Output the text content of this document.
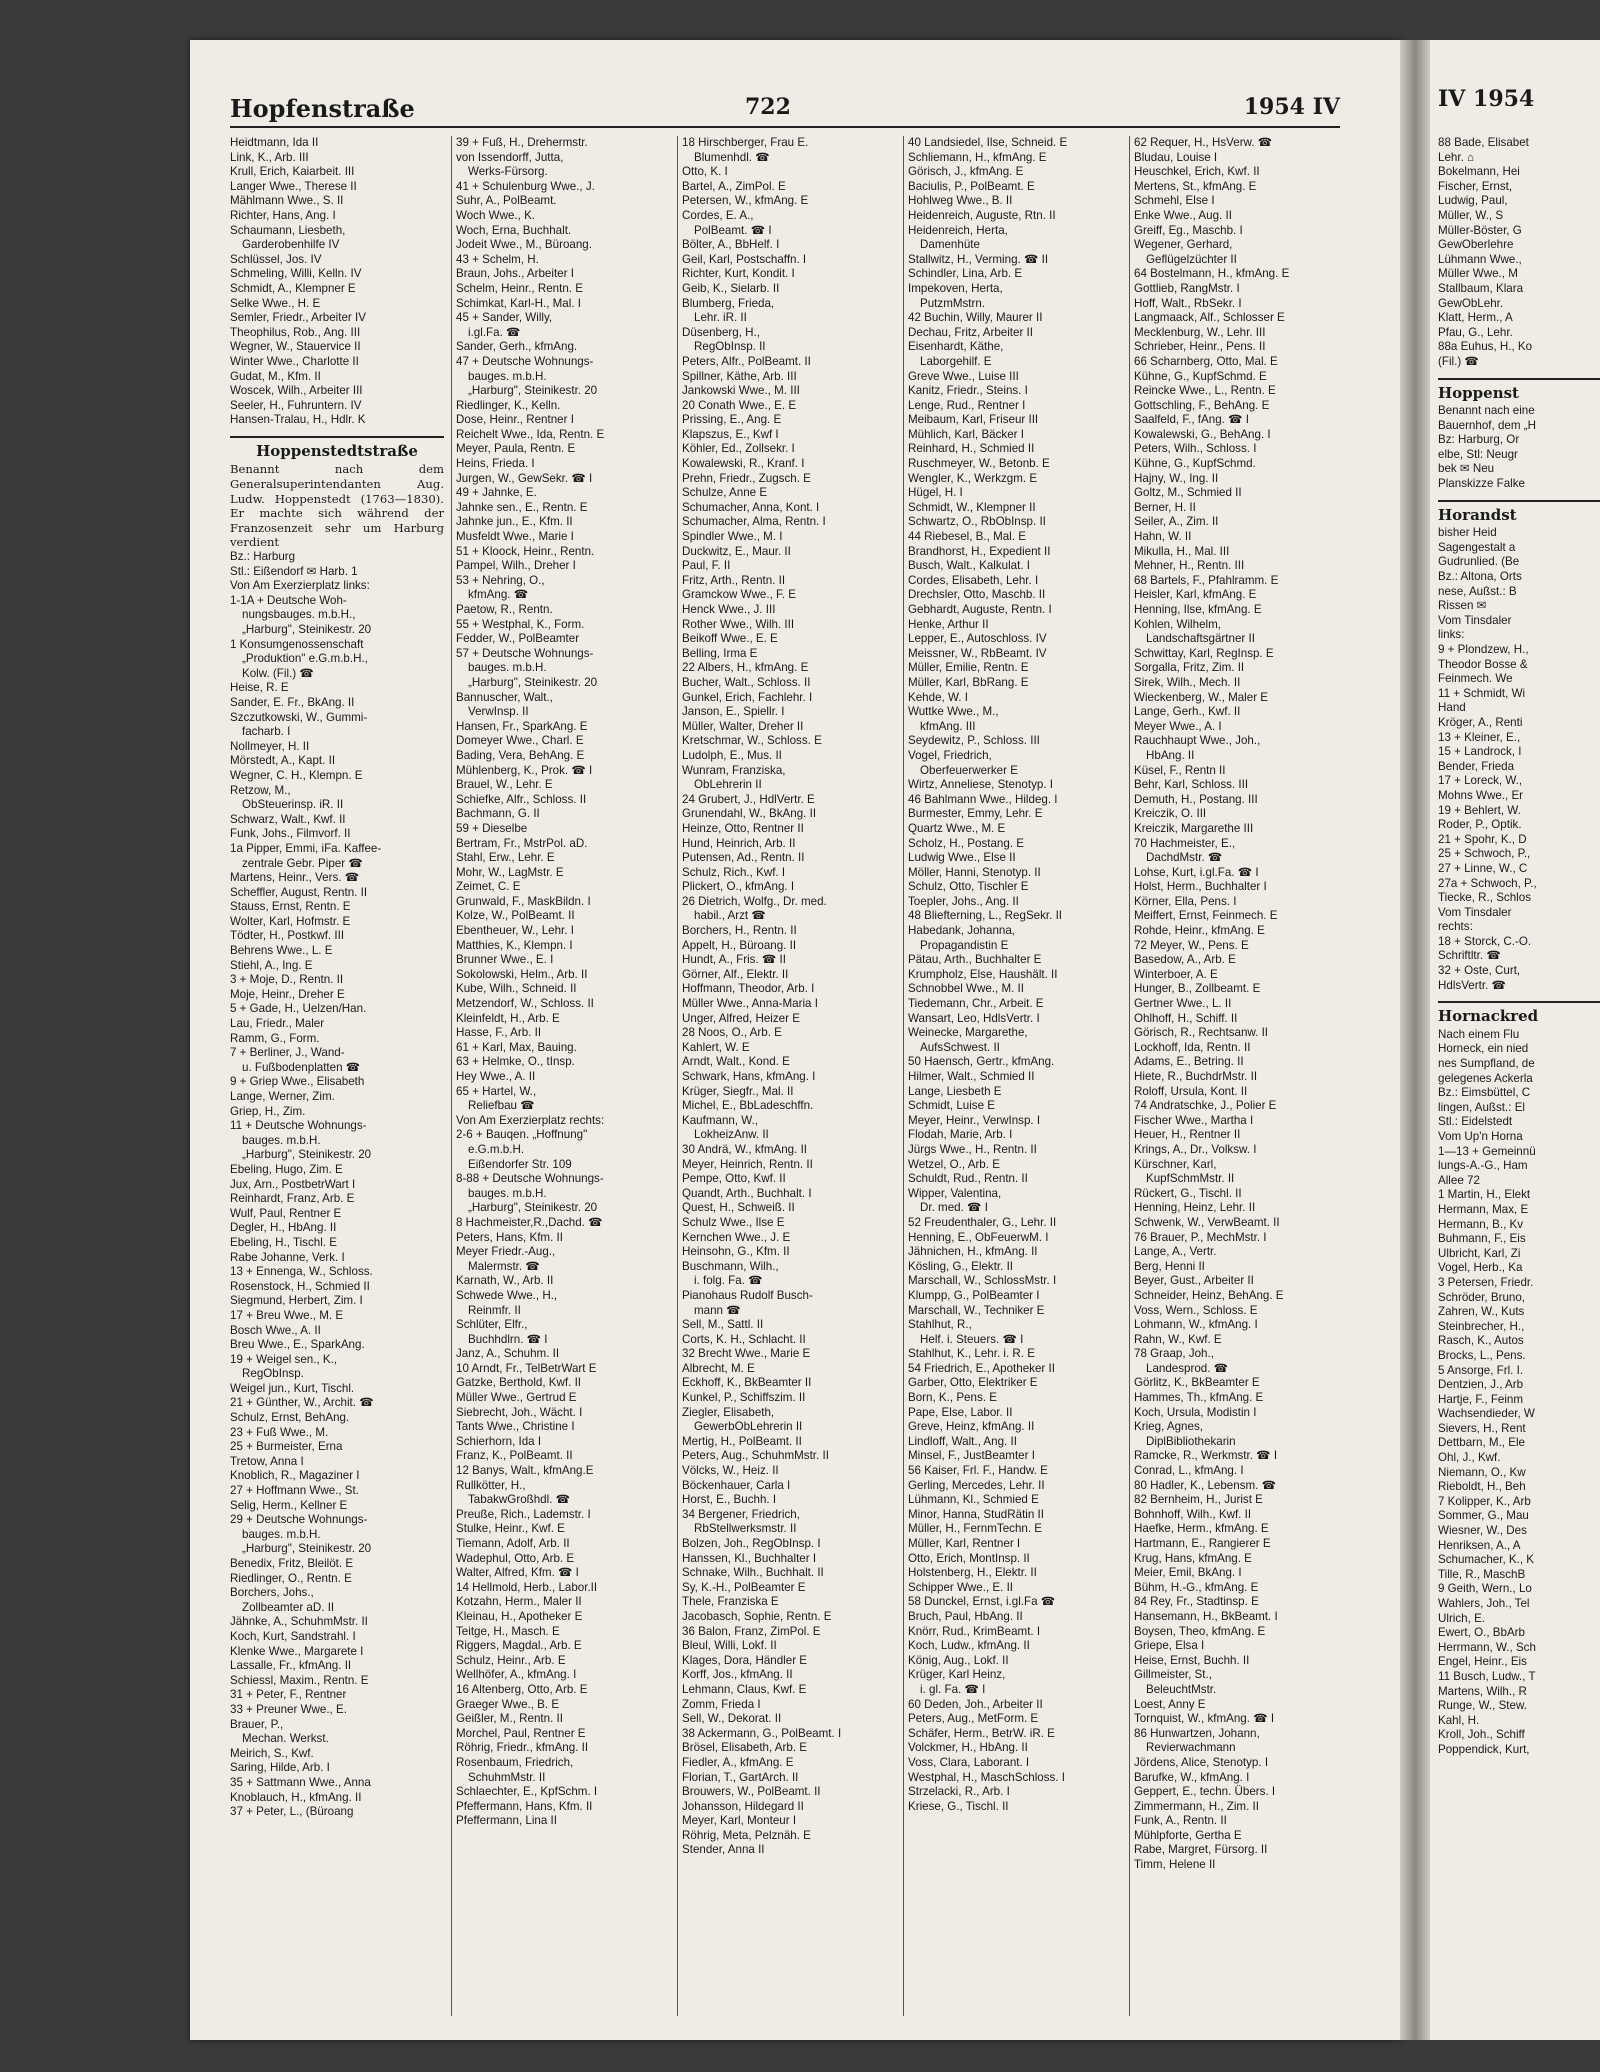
Hopfenstraße	722	1954 IV
Heidtmann, Ida II
Link, K., Arb. III
Krull, Erich, Kaiarbeit. III
Langer Wwe., Therese II
Mählmann Wwe., S. II
Richter, Hans, Ang. I
Schaumann, Liesbeth,
Garderobenhilfe IV
Schlüssel, Jos. IV
Schmeling, Willi, Kelln. IV
Schmidt, A., Klempner E
Selke Wwe., H. E
Semler, Friedr., Arbeiter IV
Theophilus, Rob., Ang. III
Wegner, W., Stauervice II
Winter Wwe., Charlotte II
Gudat, M., Kfm. II
Woscek, Wilh., Arbeiter III
Seeler, H., Fuhruntern. IV
Hansen-Tralau, H., Hdlr. K
Hoppenstedtstraße
Benannt nach dem Generalsuperintendanten Aug. Ludw. Hoppenstedt (1763—1830). Er machte sich während der Franzosenzeit sehr um Harburg verdient
Bz.: Harburg
Stl.: Eißendorf ✉ Harb. 1
Von Am Exerzierplatz links:
1-1A + Deutsche Woh-
nungsbauges. m.b.H.,
„Harburg", Steinikestr. 20
1 Konsumgenossenschaft
„Produktion" e.G.m.b.H.,
Kolw. (Fil.) ☎
Heise, R. E
Sander, E. Fr., BkAng. II
Szczutkowski, W., Gummi-
facharb. I
Nollmeyer, H. II
Mörstedt, A., Kapt. II
Wegner, C. H., Klempn. E
Retzow, M.,
ObSteuerinsp. iR. II
Schwarz, Walt., Kwf. II
Funk, Johs., Filmvorf. II
1a Pipper, Emmi, iFa. Kaffee-
zentrale Gebr. Piper ☎
Martens, Heinr., Vers. ☎
Scheffler, August, Rentn. II
Stauss, Ernst, Rentn. E
Wolter, Karl, Hofmstr. E
Tödter, H., Postkwf. III
Behrens Wwe., L. E
Stiehl, A., Ing. E
3 + Moje, D., Rentn. II
Moje, Heinr., Dreher E
5 + Gade, H., Uelzen/Han.
Lau, Friedr., Maler
Ramm, G., Form.
7 + Berliner, J., Wand-
u. Fußbodenplatten ☎
9 + Griep Wwe., Elisabeth
Lange, Werner, Zim.
Griep, H., Zim.
11 + Deutsche Wohnungs-
bauges. m.b.H.
„Harburg", Steinikestr. 20
Ebeling, Hugo, Zim. E
Jux, Arn., PostbetrWart I
Reinhardt, Franz, Arb. E
Wulf, Paul, Rentner E
Degler, H., HbAng. II
Ebeling, H., Tischl. E
Rabe Johanne, Verk. I
13 + Ennenga, W., Schloss.
Rosenstock, H., Schmied II
Siegmund, Herbert, Zim. I
17 + Breu Wwe., M. E
Bosch Wwe., A. II
Breu Wwe., E., SparkAng.
19 + Weigel sen., K.,
RegObInsp.
Weigel jun., Kurt, Tischl.
21 + Günther, W., Archit. ☎
Schulz, Ernst, BehAng.
23 + Fuß Wwe., M.
25 + Burmeister, Erna
Tretow, Anna I
Knoblich, R., Magaziner I
27 + Hoffmann Wwe., St.
Selig, Herm., Kellner E
29 + Deutsche Wohnungs-
bauges. m.b.H.
„Harburg", Steinikestr. 20
Benedix, Fritz, Bleilöt. E
Riedlinger, O., Rentn. E
Borchers, Johs.,
Zollbeamter aD. II
Jähnke, A., SchuhmMstr. II
Koch, Kurt, Sandstrahl. I
Klenke Wwe., Margarete I
Lassalle, Fr., kfmAng. II
Schiessl, Maxim., Rentn. E
31 + Peter, F., Rentner
33 + Preuner Wwe., E.
Brauer, P.,
Mechan. Werkst.
Meirich, S., Kwf.
Saring, Hilde, Arb. I
35 + Sattmann Wwe., Anna
Knoblauch, H., kfmAng. II
37 + Peter, L., (Büroang
39 + Fuß, H., Drehermstr.
von Issendorff, Jutta,
Werks-Fürsorg.
41 + Schulenburg Wwe., J.
Suhr, A., PolBeamt.
Woch Wwe., K.
Woch, Erna, Buchhalt.
Jodeit Wwe., M., Büroang.
43 + Schelm, H.
Braun, Johs., Arbeiter I
Schelm, Heinr., Rentn. E
Schimkat, Karl-H., Mal. I
45 + Sander, Willy,
i.gl.Fa. ☎
Sander, Gerh., kfmAng.
47 + Deutsche Wohnungs-
bauges. m.b.H.
„Harburg", Steinikestr. 20
Riedlinger, K., Kelln.
Dose, Heinr., Rentner I
Reichelt Wwe., Ida, Rentn. E
Meyer, Paula, Rentn. E
Heins, Frieda. I
Jurgen, W., GewSekr. ☎ I
49 + Jahnke, E.
Jahnke sen., E., Rentn. E
Jahnke jun., E., Kfm. II
Musfeldt Wwe., Marie I
51 + Kloock, Heinr., Rentn.
Pampel, Wilh., Dreher I
53 + Nehring, O.,
kfmAng. ☎
Paetow, R., Rentn.
55 + Westphal, K., Form.
Fedder, W., PolBeamter
57 + Deutsche Wohnungs-
bauges. m.b.H.
„Harburg", Steinikestr. 20
Bannuscher, Walt.,
VerwInsp. II
Hansen, Fr., SparkAng. E
Domeyer Wwe., Charl. E
Bading, Vera, BehAng. E
Mühlenberg, K., Prok. ☎ I
Brauel, W., Lehr. E
Schiefke, Alfr., Schloss. II
Bachmann, G. II
59 + Dieselbe
Bertram, Fr., MstrPol. aD.
Stahl, Erw., Lehr. E
Mohr, W., LagMstr. E
Zeimet, C. E
Grunwald, F., MaskBildn. I
Kolze, W., PolBeamt. II
Ebentheuer, W., Lehr. I
Matthies, K., Klempn. I
Brunner Wwe., E. I
Sokolowski, Helm., Arb. II
Kube, Wilh., Schneid. II
Metzendorf, W., Schloss. II
Kleinfeldt, H., Arb. E
Hasse, F., Arb. II
61 + Karl, Max, Bauing.
63 + Helmke, O., tInsp.
Hey Wwe., A. II
65 + Hartel, W.,
Reliefbau ☎
Von Am Exerzierplatz rechts:
2-6 + Bauqen. „Hoffnung"
e.G.m.b.H.
Eißendorfer Str. 109
8-88 + Deutsche Wohnungs-
bauges. m.b.H.
„Harburg", Steinikestr. 20
8 Hachmeister,R.,Dachd. ☎
Peters, Hans, Kfm. II
Meyer Friedr.-Aug.,
Malermstr. ☎
Karnath, W., Arb. II
Schwede Wwe., H.,
Reinmfr. II
Schlüter, Elfr.,
Buchhdlrn. ☎ I
Janz, A., Schuhm. II
10 Arndt, Fr., TelBetrWart E
Gatzke, Berthold, Kwf. II
Müller Wwe., Gertrud E
Siebrecht, Joh., Wächt. I
Tants Wwe., Christine I
Schierhorn, Ida I
Franz, K., PolBeamt. II
12 Banys, Walt., kfmAng.E
Rullkötter, H.,
TabakwGroßhdl. ☎
Preuße, Rich., Lademstr. I
Stulke, Heinr., Kwf. E
Tiemann, Adolf, Arb. II
Wadephul, Otto, Arb. E
Walter, Alfred, Kfm. ☎ I
14 Hellmold, Herb., Labor.II
Kotzahn, Herm., Maler II
Kleinau, H., Apotheker E
Teitge, H., Masch. E
Riggers, Magdal., Arb. E
Schulz, Heinr., Arb. E
Wellhöfer, A., kfmAng. I
16 Altenberg, Otto, Arb. E
Graeger Wwe., B. E
Geißler, M., Rentn. II
Morchel, Paul, Rentner E
Röhrig, Friedr., kfmAng. II
Rosenbaum, Friedrich,
SchuhmMstr. II
Schlaechter, E., KpfSchm. I
Pfeffermann, Hans, Kfm. II
Pfeffermann, Lina II
18 Hirschberger, Frau E.
Blumenhdl. ☎
Otto, K. I
Bartel, A., ZimPol. E
Petersen, W., kfmAng. E
Cordes, E. A.,
PolBeamt. ☎ I
Bölter, A., BbHelf. I
Geil, Karl, Postschaffn. I
Richter, Kurt, Kondit. I
Geib, K., Sielarb. II
Blumberg, Frieda,
Lehr. iR. II
Düsenberg, H.,
RegObInsp. II
Peters, Alfr., PolBeamt. II
Spillner, Käthe, Arb. III
Jankowski Wwe., M. III
20 Conath Wwe., E. E
Prissing, E., Ang. E
Klapszus, E., Kwf I
Köhler, Ed., Zollsekr. I
Kowalewski, R., Kranf. I
Prehn, Friedr., Zugsch. E
Schulze, Anne E
Schumacher, Anna, Kont. I
Schumacher, Alma, Rentn. I
Spindler Wwe., M. I
Duckwitz, E., Maur. II
Paul, F. II
Fritz, Arth., Rentn. II
Gramckow Wwe., F. E
Henck Wwe., J. III
Rother Wwe., Wilh. III
Beikoff Wwe., E. E
Belling, Irma E
22 Albers, H., kfmAng. E
Bucher, Walt., Schloss. II
Gunkel, Erich, Fachlehr. I
Janson, E., Spiellr. I
Müller, Walter, Dreher II
Kretschmar, W., Schloss. E
Ludolph, E., Mus. II
Wunram, Franziska,
ObLehrerin II
24 Grubert, J., HdlVertr. E
Grunendahl, W., BkAng. II
Heinze, Otto, Rentner II
Hund, Heinrich, Arb. II
Putensen, Ad., Rentn. II
Schulz, Rich., Kwf. I
Plickert, O., kfmAng. I
26 Dietrich, Wolfg., Dr. med.
habil., Arzt ☎
Borchers, H., Rentn. II
Appelt, H., Büroang. II
Hundt, A., Fris. ☎ II
Görner, Alf., Elektr. II
Hoffmann, Theodor, Arb. I
Müller Wwe., Anna-Maria I
Unger, Alfred, Heizer E
28 Noos, O., Arb. E
Kahlert, W. E
Arndt, Walt., Kond. E
Schwark, Hans, kfmAng. I
Krüger, Siegfr., Mal. II
Michel, E., BbLadeschffn.
Kaufmann, W.,
LokheizAnw. II
30 Andrä, W., kfmAng. II
Meyer, Heinrich, Rentn. II
Pempe, Otto, Kwf. II
Quandt, Arth., Buchhalt. I
Quest, H., Schweiß. II
Schulz Wwe., Ilse E
Kernchen Wwe., J. E
Heinsohn, G., Kfm. II
Buschmann, Wilh.,
i. folg. Fa. ☎
Pianohaus Rudolf Busch-
mann ☎
Sell, M., Sattl. II
Corts, K. H., Schlacht. II
32 Brecht Wwe., Marie E
Albrecht, M. E
Eckhoff, K., BkBeamter II
Kunkel, P., Schiffszim. II
Ziegler, Elisabeth,
GewerbObLehrerin II
Mertig, H., PolBeamt. II
Peters, Aug., SchuhmMstr. II
Völcks, W., Heiz. II
Böckenhauer, Carla I
Horst, E., Buchh. I
34 Bergener, Friedrich,
RbStellwerksmstr. II
Bolzen, Joh., RegObInsp. I
Hanssen, Kl., Buchhalter I
Schnake, Wilh., Buchhalt. II
Sy, K.-H., PolBeamter E
Thele, Franziska E
Jacobasch, Sophie, Rentn. E
36 Balon, Franz, ZimPol. E
Bleul, Willi, Lokf. II
Klages, Dora, Händler E
Korff, Jos., kfmAng. II
Lehmann, Claus, Kwf. E
Zomm, Frieda I
Sell, W., Dekorat. II
38 Ackermann, G., PolBeamt. I
Brösel, Elisabeth, Arb. E
Fiedler, A., kfmAng. E
Florian, T., GartArch. II
Brouwers, W., PolBeamt. II
Johansson, Hildegard II
Meyer, Karl, Monteur I
Röhrig, Meta, Pelznäh. E
Stender, Anna II
40 Landsiedel, Ilse, Schneid. E
Schliemann, H., kfmAng. E
Görisch, J., kfmAng. E
Baciulis, P., PolBeamt. E
Hohlweg Wwe., B. II
Heidenreich, Auguste, Rtn. II
Heidenreich, Herta,
Damenhüte
Stallwitz, H., Verming. ☎ II
Schindler, Lina, Arb. E
Impekoven, Herta,
PutzmMstrn.
42 Buchin, Willy, Maurer II
Dechau, Fritz, Arbeiter II
Eisenhardt, Käthe,
Laborgehilf. E
Greve Wwe., Luise III
Kanitz, Friedr., Steins. I
Lenge, Rud., Rentner I
Meibaum, Karl, Friseur III
Mühlich, Karl, Bäcker I
Reinhard, H., Schmied II
Ruschmeyer, W., Betonb. E
Wengler, K., Werkzgm. E
Hügel, H. I
Schmidt, W., Klempner II
Schwartz, O., RbObInsp. II
44 Riebesel, B., Mal. E
Brandhorst, H., Expedient II
Busch, Walt., Kalkulat. I
Cordes, Elisabeth, Lehr. I
Drechsler, Otto, Maschb. II
Gebhardt, Auguste, Rentn. I
Henke, Arthur II
Lepper, E., Autoschloss. IV
Meissner, W., RbBeamt. IV
Müller, Emilie, Rentn. E
Müller, Karl, BbRang. E
Kehde, W. I
Wuttke Wwe., M.,
kfmAng. III
Seydewitz, P., Schloss. III
Vogel, Friedrich,
Oberfeuerwerker E
Wirtz, Anneliese, Stenotyp. I
46 Bahlmann Wwe., Hildeg. I
Burmester, Emmy, Lehr. E
Quartz Wwe., M. E
Scholz, H., Postang. E
Ludwig Wwe., Else II
Möller, Hanni, Stenotyp. II
Schulz, Otto, Tischler E
Toepler, Johs., Ang. II
48 Bliefterning, L., RegSekr. II
Habedank, Johanna,
Propagandistin E
Pätau, Arth., Buchhalter E
Krumpholz, Else, Haushält. II
Schnobbel Wwe., M. II
Tiedemann, Chr., Arbeit. E
Wansart, Leo, HdlsVertr. I
Weinecke, Margarethe,
AufsSchwest. II
50 Haensch, Gertr., kfmAng.
Hilmer, Walt., Schmied II
Lange, Liesbeth E
Schmidt, Luise E
Meyer, Heinr., VerwInsp. I
Flodah, Marie, Arb. I
Jürgs Wwe., H., Rentn. II
Wetzel, O., Arb. E
Schuldt, Rud., Rentn. II
Wipper, Valentina,
Dr. med. ☎ I
52 Freudenthaler, G., Lehr. II
Henning, E., ObFeuerwM. I
Jähnichen, H., kfmAng. II
Kösling, G., Elektr. II
Marschall, W., SchlossMstr. I
Klumpp, G., PolBeamter I
Marschall, W., Techniker E
Stahlhut, R.,
Helf. i. Steuers. ☎ I
Stahlhut, K., Lehr. i. R. E
54 Friedrich, E., Apotheker II
Garber, Otto, Elektriker E
Born, K., Pens. E
Pape, Else, Labor. II
Greve, Heinz, kfmAng. II
Lindloff, Walt., Ang. II
Minsel, F., JustBeamter I
56 Kaiser, Frl. F., Handw. E
Gerling, Mercedes, Lehr. II
Lühmann, Kl., Schmied E
Minor, Hanna, StudRätin II
Müller, H., FernmTechn. E
Müller, Karl, Rentner I
Otto, Erich, MontInsp. II
Holstenberg, H., Elektr. II
Schipper Wwe., E. II
58 Dunckel, Ernst, i.gl.Fa ☎
Bruch, Paul, HbAng. II
Knörr, Rud., KrimBeamt. I
Koch, Ludw., kfmAng. II
König, Aug., Lokf. II
Krüger, Karl Heinz,
i. gl. Fa. ☎ I
60 Deden, Joh., Arbeiter II
Peters, Aug., MetForm. E
Schäfer, Herm., BetrW. iR. E
Volckmer, H., HbAng. II
Voss, Clara, Laborant. I
Westphal, H., MaschSchloss. I
Strzelacki, R., Arb. I
Kriese, G., Tischl. II
62 Requer, H., HsVerw. ☎
Bludau, Louise I
Heuschkel, Erich, Kwf. II
Mertens, St., kfmAng. E
Schmehl, Else I
Enke Wwe., Aug. II
Greiff, Eg., Maschb. I
Wegener, Gerhard,
Geflügelzüchter II
64 Bostelmann, H., kfmAng. E
Gottlieb, RangMstr. I
Hoff, Walt., RbSekr. I
Langmaack, Alf., Schlosser E
Mecklenburg, W., Lehr. III
Schrieber, Heinr., Pens. II
66 Scharnberg, Otto, Mal. E
Kühne, G., KupfSchmd. E
Reincke Wwe., L., Rentn. E
Gottschling, F., BehAng. E
Saalfeld, F., fAng. ☎ I
Kowalewski, G., BehAng. I
Peters, Wilh., Schloss. I
Kühne, G., KupfSchmd.
Hajny, W., Ing. II
Goltz, M., Schmied II
Berner, H. II
Seiler, A., Zim. II
Hahn, W. II
Mikulla, H., Mal. III
Mehner, H., Rentn. III
68 Bartels, F., Pfahlramm. E
Heisler, Karl, kfmAng. E
Henning, Ilse, kfmAng. E
Kohlen, Wilhelm,
Landschaftsgärtner II
Schwittay, Karl, RegInsp. E
Sorgalla, Fritz, Zim. II
Sirek, Wilh., Mech. II
Wieckenberg, W., Maler E
Lange, Gerh., Kwf. II
Meyer Wwe., A. I
Rauchhaupt Wwe., Joh.,
HbAng. II
Küsel, F., Rentn II
Behr, Karl, Schloss. III
Demuth, H., Postang. III
Kreiczik, O. III
Kreiczik, Margarethe III
70 Hachmeister, E.,
DachdMstr. ☎
Lohse, Kurt, i.gl.Fa. ☎ I
Holst, Herm., Buchhalter I
Körner, Ella, Pens. I
Meiffert, Ernst, Feinmech. E
Rohde, Heinr., kfmAng. E
72 Meyer, W., Pens. E
Basedow, A., Arb. E
Winterboer, A. E
Hunger, B., Zollbeamt. E
Gertner Wwe., L. II
Ohlhoff, H., Schiff. II
Görisch, R., Rechtsanw. II
Lockhoff, Ida, Rentn. II
Adams, E., Betring. II
Hiete, R., BuchdrMstr. II
Roloff, Ursula, Kont. II
74 Andratschke, J., Polier E
Fischer Wwe., Martha I
Heuer, H., Rentner II
Krings, A., Dr., Volksw. I
Kürschner, Karl,
KupfSchmMstr. II
Rückert, G., Tischl. II
Henning, Heinz, Lehr. II
Schwenk, W., VerwBeamt. II
76 Brauer, P., MechMstr. I
Lange, A., Vertr.
Berg, Henni II
Beyer, Gust., Arbeiter II
Schneider, Heinz, BehAng. E
Voss, Wern., Schloss. E
Lohmann, W., kfmAng. I
Rahn, W., Kwf. E
78 Graap, Joh.,
Landesprod. ☎
Görlitz, K., BkBeamter E
Hammes, Th., kfmAng. E
Koch, Ursula, Modistin I
Krieg, Agnes,
DiplBibliothekarin
Ramcke, R., Werkmstr. ☎ I
Conrad, L., kfmAng. I
80 Hadler, K., Lebensm. ☎
82 Bernheim, H., Jurist E
Bohnhoff, Wilh., Kwf. II
Haefke, Herm., kfmAng. E
Hartmann, E., Rangierer E
Krug, Hans, kfmAng. E
Meier, Emil, BkAng. I
Bühm, H.-G., kfmAng. E
84 Rey, Fr., Stadtinsp. E
Hansemann, H., BkBeamt. I
Boysen, Theo, kfmAng. E
Griepe, Elsa I
Heise, Ernst, Buchh. II
Gillmeister, St.,
BeleuchtMstr.
Loest, Anny E
Tornquist, W., kfmAng. ☎ I
86 Hunwartzen, Johann,
Revierwachmann
Jördens, Alice, Stenotyp. I
Barufke, W., kfmAng. I
Geppert, E., techn. Übers. I
Zimmermann, H., Zim. II
Funk, A., Rentn. II
Mühlpforte, Gertha E
Rabe, Margret, Fürsorg. II
Timm, Helene II
IV 1954
88 Bade, Elisabet
Lehr. ⌂
Bokelmann, Hei
Fischer, Ernst,
Ludwig, Paul,
Müller, W., S
Müller-Böster, G
GewOberlehre
Lühmann Wwe.,
Müller Wwe., M
Stallbaum, Klara
GewObLehr.
Klatt, Herm., A
Pfau, G., Lehr.
88a Euhus, H., Ko
(Fil.) ☎
Hoppenst
Benannt nach eine
Bauernhof, dem „H
Bz: Harburg, Or
elbe, Stl: Neugr
bek ✉ Neu
Planskizze Falke
Horandst
bisher Heid
Sagengestalt a
Gudrunlied. (Be
Bz.: Altona, Orts
nese, Außst.: B
Rissen ✉
Vom Tinsdaler
links:
9 + Plondzew, H.,
Theodor Bosse &
Feinmech. We
11 + Schmidt, Wi
Hand
Kröger, A., Renti
13 + Kleiner, E.,
15 + Landrock, I
Bender, Frieda
17 + Loreck, W.,
Mohns Wwe., Er
19 + Behlert, W.
Roder, P., Optik.
21 + Spohr, K., D
25 + Schwoch, P.,
27 + Linne, W., C
27a + Schwoch, P.,
Tiecke, R., Schlos
Vom Tinsdaler
rechts:
18 + Storck, C.-O.
Schriftltr. ☎
32 + Oste, Curt,
HdlsVertr. ☎
Hornackred
Nach einem Flu
Horneck, ein nied
nes Sumpfland, de
gelegenes Ackerla
Bz.: Eimsbüttel, C
lingen, Außst.: El
Stl.: Eidelstedt
Vom Up'n Horna
1—13 + Gemeinnü
lungs-A.-G., Ham
Allee 72
1 Martin, H., Elekt
Hermann, Max, E
Hermann, B., Kv
Buhmann, F., Eis
Ulbricht, Karl, Zi
Vogel, Herb., Ka
3 Petersen, Friedr.
Schröder, Bruno,
Zahren, W., Kuts
Steinbrecher, H.,
Rasch, K., Autos
Brocks, L., Pens.
5 Ansorge, Frl. I.
Dentzien, J., Arb
Hartje, F., Feinm
Wachsendieder, W
Sievers, H., Rent
Dettbarn, M., Ele
Ohl, J., Kwf.
Niemann, O., Kw
Rieboldt, H., Beh
7 Kolipper, K., Arb
Sommer, G., Mau
Wiesner, W., Des
Henriksen, A., A
Schumacher, K., K
Tille, R., MaschB
9 Geith, Wern., Lo
Wahlers, Joh., Tel
Ulrich, E.
Ewert, O., BbArb
Herrmann, W., Sch
Engel, Heinr., Eis
11 Busch, Ludw., T
Martens, Wilh., R
Runge, W., Stew.
Kahl, H.
Kroll, Joh., Schiff
Poppendick, Kurt,
